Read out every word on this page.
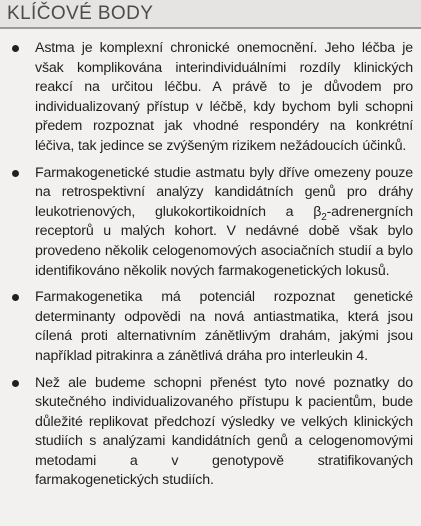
KLÍČOVÉ BODY
Astma je komplexní chronické onemocnění. Jeho léčba je však komplikována interindividuálními rozdíly klinických reakcí na určitou léčbu. A právě to je důvodem pro individualizovaný přístup v léčbě, kdy bychom byli schopni předem rozpoznat jak vhodné respondéry na konkrétní léčiva, tak jedince se zvýšeným rizikem nežádoucích účinků.
Farmakogenetické studie astmatu byly dříve omezeny pouze na retrospektivní analýzy kandidátních genů pro dráhy leukotrienových, glukokortikoidních a $\beta_2$-adrenergních receptorů u malých kohort. V nedávné době však bylo provedeno několik celogenomových asociačních studií a bylo identifikováno několik nových farmakogenetických lokusů.
Farmakogenetika má potenciál rozpoznat genetické determinanty odpovědi na nová antiastmatika, která jsou cílená proti alternativním zánětlivým drahám, jakými jsou například pitrakinra a zánětlivá dráha pro interleukin 4.
Než ale budeme schopni přenést tyto nové poznatky do skutečného individualizovaného přístupu k pacientům, bude důležité replikovat předchozí výsledky ve velkých klinických studiích s analýzami kandidátních genů a celogenomovými metodami a v genotypově stratifikovaných farmakogenetických studiích.
